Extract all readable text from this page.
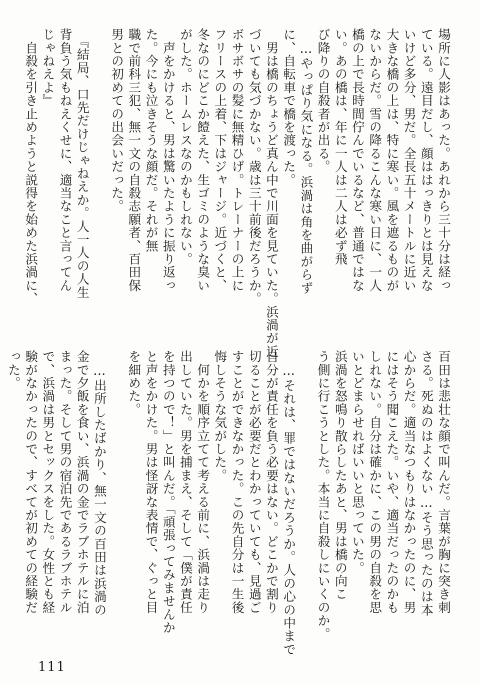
場所に人影はあった。あれから三十分は経っ

ている。遠目だし、顔ははっきりとは見えな

いけど多分、男だ。全長五十メートルに近い

大きな橋の上は、特に寒い。風を遮るものが

ないからだ。雪の降るこんな寒い日に、一人

橋の上で長時間佇んでいるなど、普通ではな

い。あの橋は、年に一人は二人は必ず飛

び降りの自殺者が出る。

　…やっぱり気になる。浜渦は角を曲がらず

に、自転車で橋を渡った。

　男は橋のちょうど真ん中で川面を見ていた。浜渦が近

づいても気づかない。歳は三十前後だろうか。

ボサボサの髪に無精ひげ。トレーナーの上に

フリースの上着、下はジャージ。近づくと、

冬なのにどこか饐えた、生ゴミのような臭い

がした。ホームレスなのかもしれない。

　声をかけると、男は驚いたように振り返っ

た。今にも泣きそうな顔だ。それが無

職で前科三犯、無一文の自殺志願者、百田保

男との初めての出会いだった。

　『結局、口先だけじゃねえか。人一人の人生

背負う気もねえくせに、適当なこと言ってん

じゃねえよ』

　自殺を引き止めようと説得を始めた浜渦に、

百田は悲壮な顔で叫んだ。言葉が胸に突き刺

さる。死ぬのはよくない…そう思ったのは本

心からだ。適当なつもりはなかったのに、男

にはそう聞こえた。いや、適当だったのかも

しれない。自分は確かに、この男の自殺を思

いとどまらせればいいと思っていた。

浜渦を怒鳴り散らしたあと、男は橋の向こ

う側に行こうとした。本当に自殺しにいくのか。

　…それは、罪ではないだろうか。人の心の中まで

自分が責任を負う必要はない。どこかで割り

切ることが必要だとわかっていても、見過ご

すことができなかった。この先自分は一生後

悔しそうな気がした。

　何かを順序立てて考える前に、浜渦は走り

出していた。男を捕まえ、そして「僕が責任

を持つので！」と叫んだ。「頑張ってみませんか

と声をかけた。男は怪訝な表情で、ぐっと目

を細めた。

　…出所したばかり、無一文の百田は浜渦の

金で夕飯を食い、浜渦の金でラブホテルに泊

まった。そして男の宿泊先であるラブホテル

で、浜渦は男とセックスをした。女性とも経

験がなかったので、すべてが初めての経験だ

った。

111
